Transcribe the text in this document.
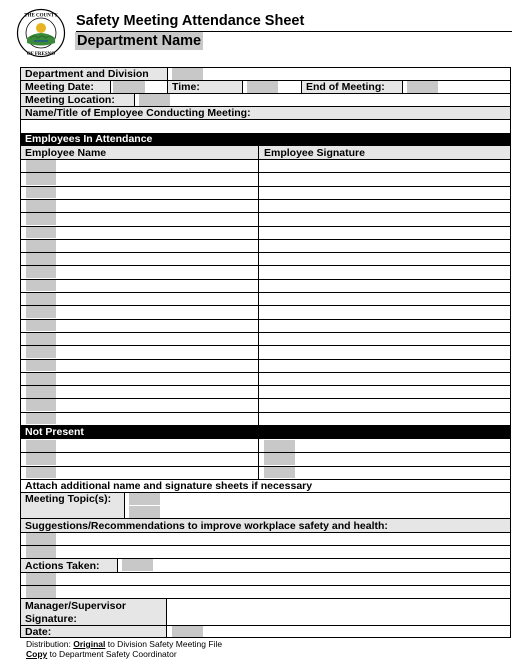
THE COUNTY
OF FRESNO
Safety Meeting Attendance Sheet
Department Name
Department and Division
Meeting Date:	Time:	End of Meeting:
Meeting Location:
Name/Title of Employee Conducting Meeting:
Employees In Attendance
Employee Name	Employee Signature
Not Present
Attach additional name and signature sheets if necessary
Meeting Topic(s):
Suggestions/Recommendations to improve workplace safety and health:
Actions Taken:
Manager/Supervisor
Signature:
Date:
Distribution: Original to Division Safety Meeting File
Copy to Department Safety Coordinator
